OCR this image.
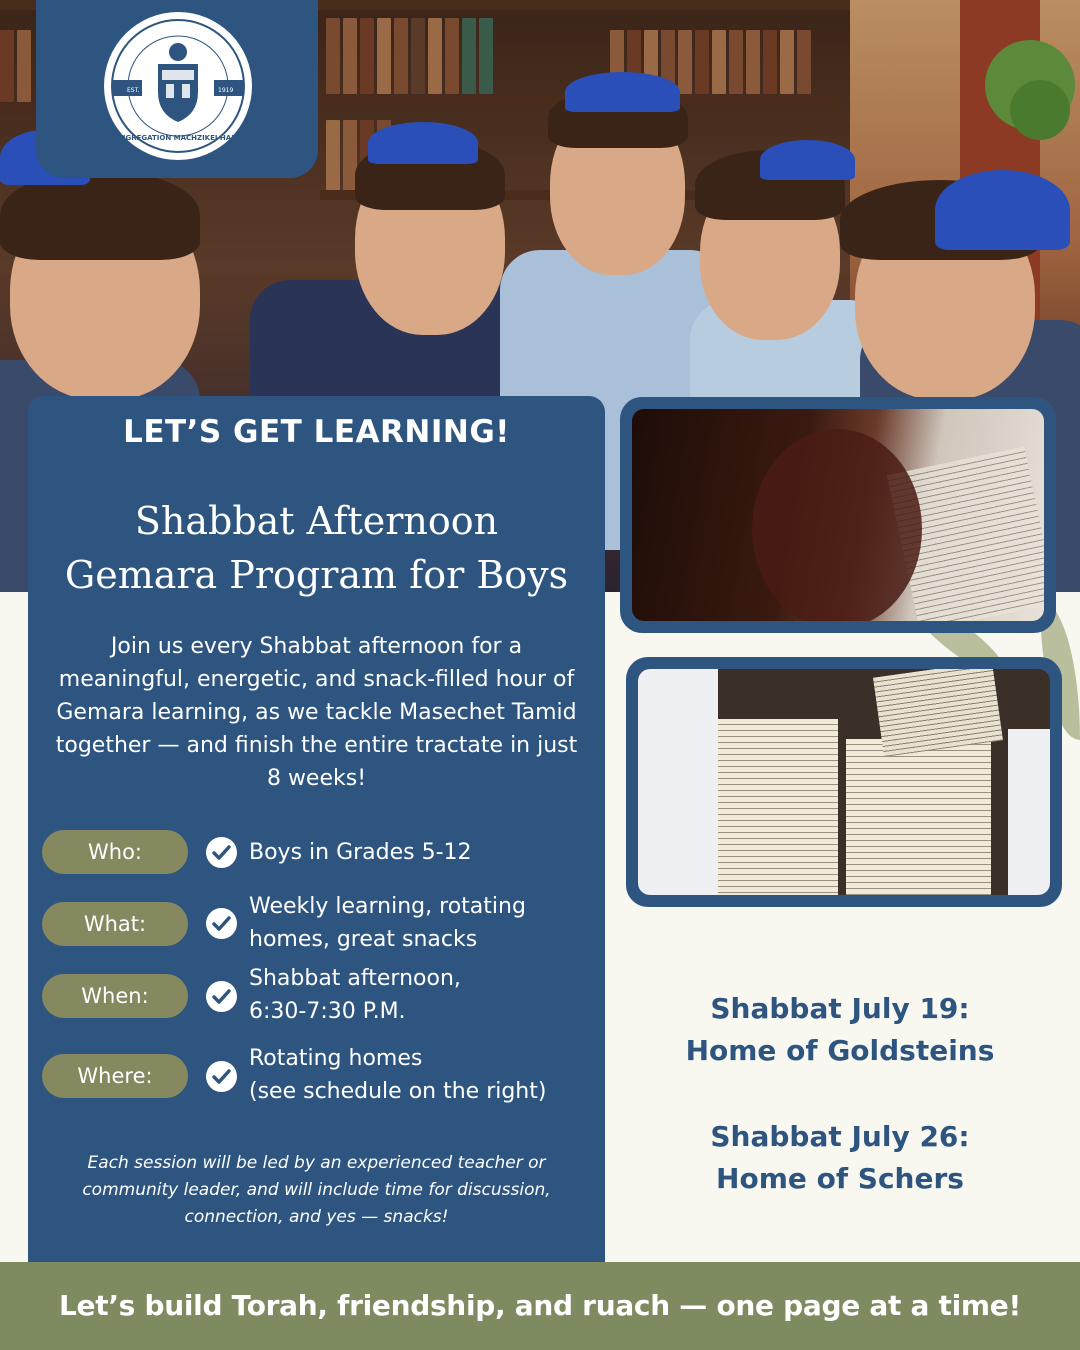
EST.	1919
CONGREGATION MACHZIKEI HADAS
LET’S GET LEARNING!
Shabbat Afternoon
Gemara Program for Boys
Join us every Shabbat afternoon for a meaningful, energetic, and snack-filled hour of Gemara learning, as we tackle Masechet Tamid together — and finish the entire tractate in just 8 weeks!
Who:	Boys in Grades 5-12
What:
Weekly learning, rotating
homes, great snacks
When:
Shabbat afternoon,
6:30-7:30 P.M.
Where:
Rotating homes
(see schedule on the right)
Each session will be led by an experienced teacher or community leader, and will include time for discussion, connection, and yes — snacks!
Shabbat July 19:
Home of Goldsteins
Shabbat July 26:
Home of Schers
Let’s build Torah, friendship, and ruach — one page at a time!
